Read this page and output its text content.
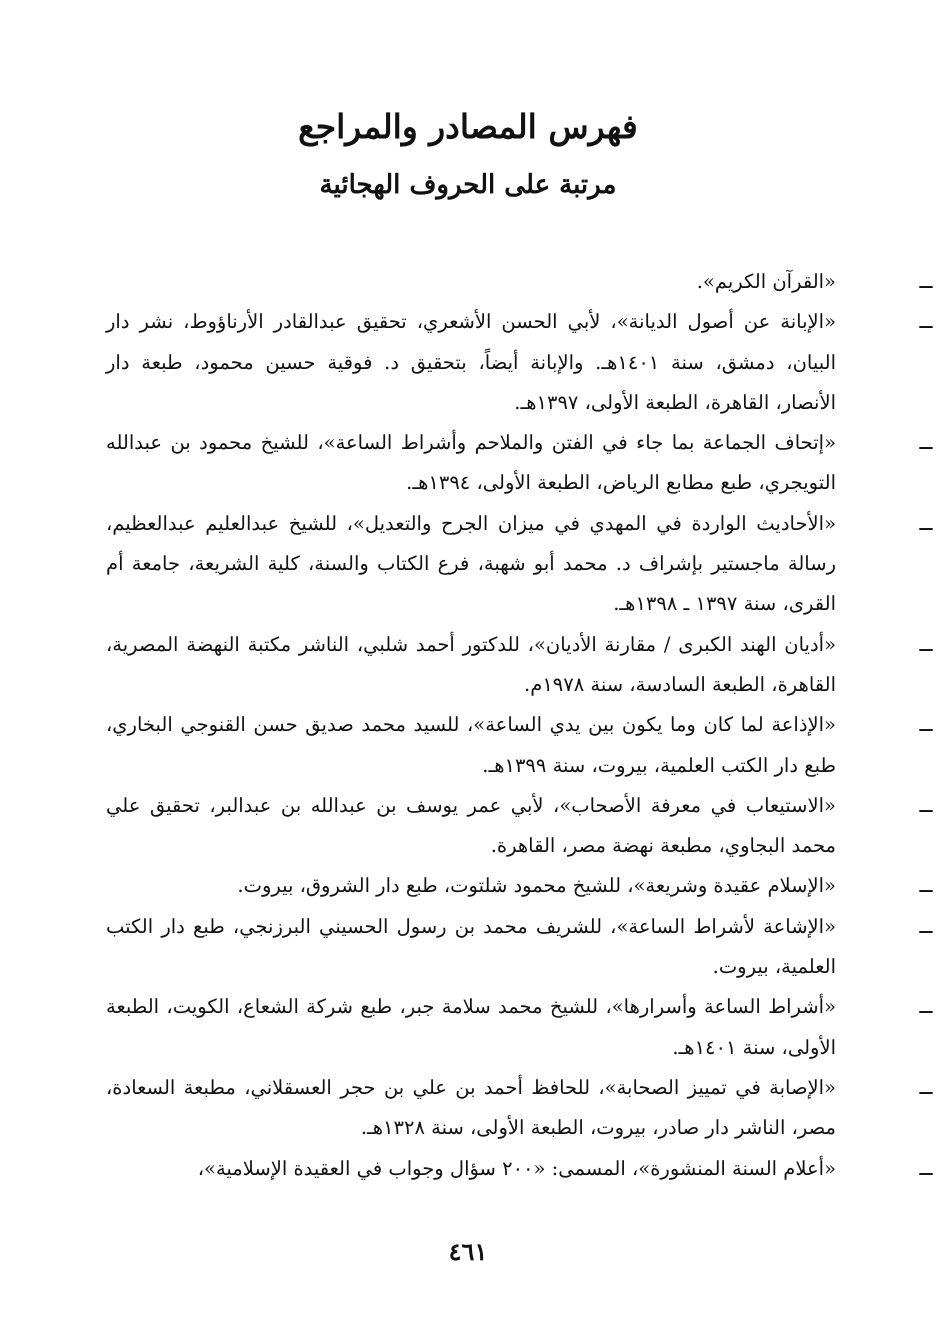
فهرس المصادر والمراجع
مرتبة على الحروف الهجائية
ــ
«القرآن الكريم».
ــ
«الإبانة عن أصول الديانة»، لأبي الحسن الأشعري، تحقيق عبدالقادر الأرناؤوط، نشر دار البيان، دمشق، سنة ١٤٠١هـ. والإبانة أيضاً، بتحقيق د. فوقية حسين محمود، طبعة دار الأنصار، القاهرة، الطبعة الأولى، ١٣٩٧هـ.
ــ
«إتحاف الجماعة بما جاء في الفتن والملاحم وأشراط الساعة»، للشيخ محمود بن عبدالله التويجري، طبع مطابع الرياض، الطبعة الأولى، ١٣٩٤هـ.
ــ
«الأحاديث الواردة في المهدي في ميزان الجرح والتعديل»، للشيخ عبدالعليم عبدالعظيم، رسالة ماجستير بإشراف د. محمد أبو شهبة، فرع الكتاب والسنة، كلية الشريعة، جامعة أم القرى، سنة ١٣٩٧ ـ ١٣٩٨هـ.
ــ
«أديان الهند الكبرى / مقارنة الأديان»، للدكتور أحمد شلبي، الناشر مكتبة النهضة المصرية، القاهرة، الطبعة السادسة، سنة ١٩٧٨م.
ــ
«الإذاعة لما كان وما يكون بين يدي الساعة»، للسيد محمد صديق حسن القنوجي البخاري، طبع دار الكتب العلمية، بيروت، سنة ١٣٩٩هـ.
ــ
«الاستيعاب في معرفة الأصحاب»، لأبي عمر يوسف بن عبدالله بن عبدالبر، تحقيق علي محمد البجاوي، مطبعة نهضة مصر، القاهرة.
ــ
«الإسلام عقيدة وشريعة»، للشيخ محمود شلتوت، طبع دار الشروق، بيروت.
ــ
«الإشاعة لأشراط الساعة»، للشريف محمد بن رسول الحسيني البرزنجي، طبع دار الكتب العلمية، بيروت.
ــ
«أشراط الساعة وأسرارها»، للشيخ محمد سلامة جبر، طبع شركة الشعاع، الكويت، الطبعة الأولى، سنة ١٤٠١هـ.
ــ
«الإصابة في تمييز الصحابة»، للحافظ أحمد بن علي بن حجر العسقلاني، مطبعة السعادة، مصر، الناشر دار صادر، بيروت، الطبعة الأولى، سنة ١٣٢٨هـ.
ــ
«أعلام السنة المنشورة»، المسمى: «٢٠٠ سؤال وجواب في العقيدة الإسلامية»،
٤٦١
